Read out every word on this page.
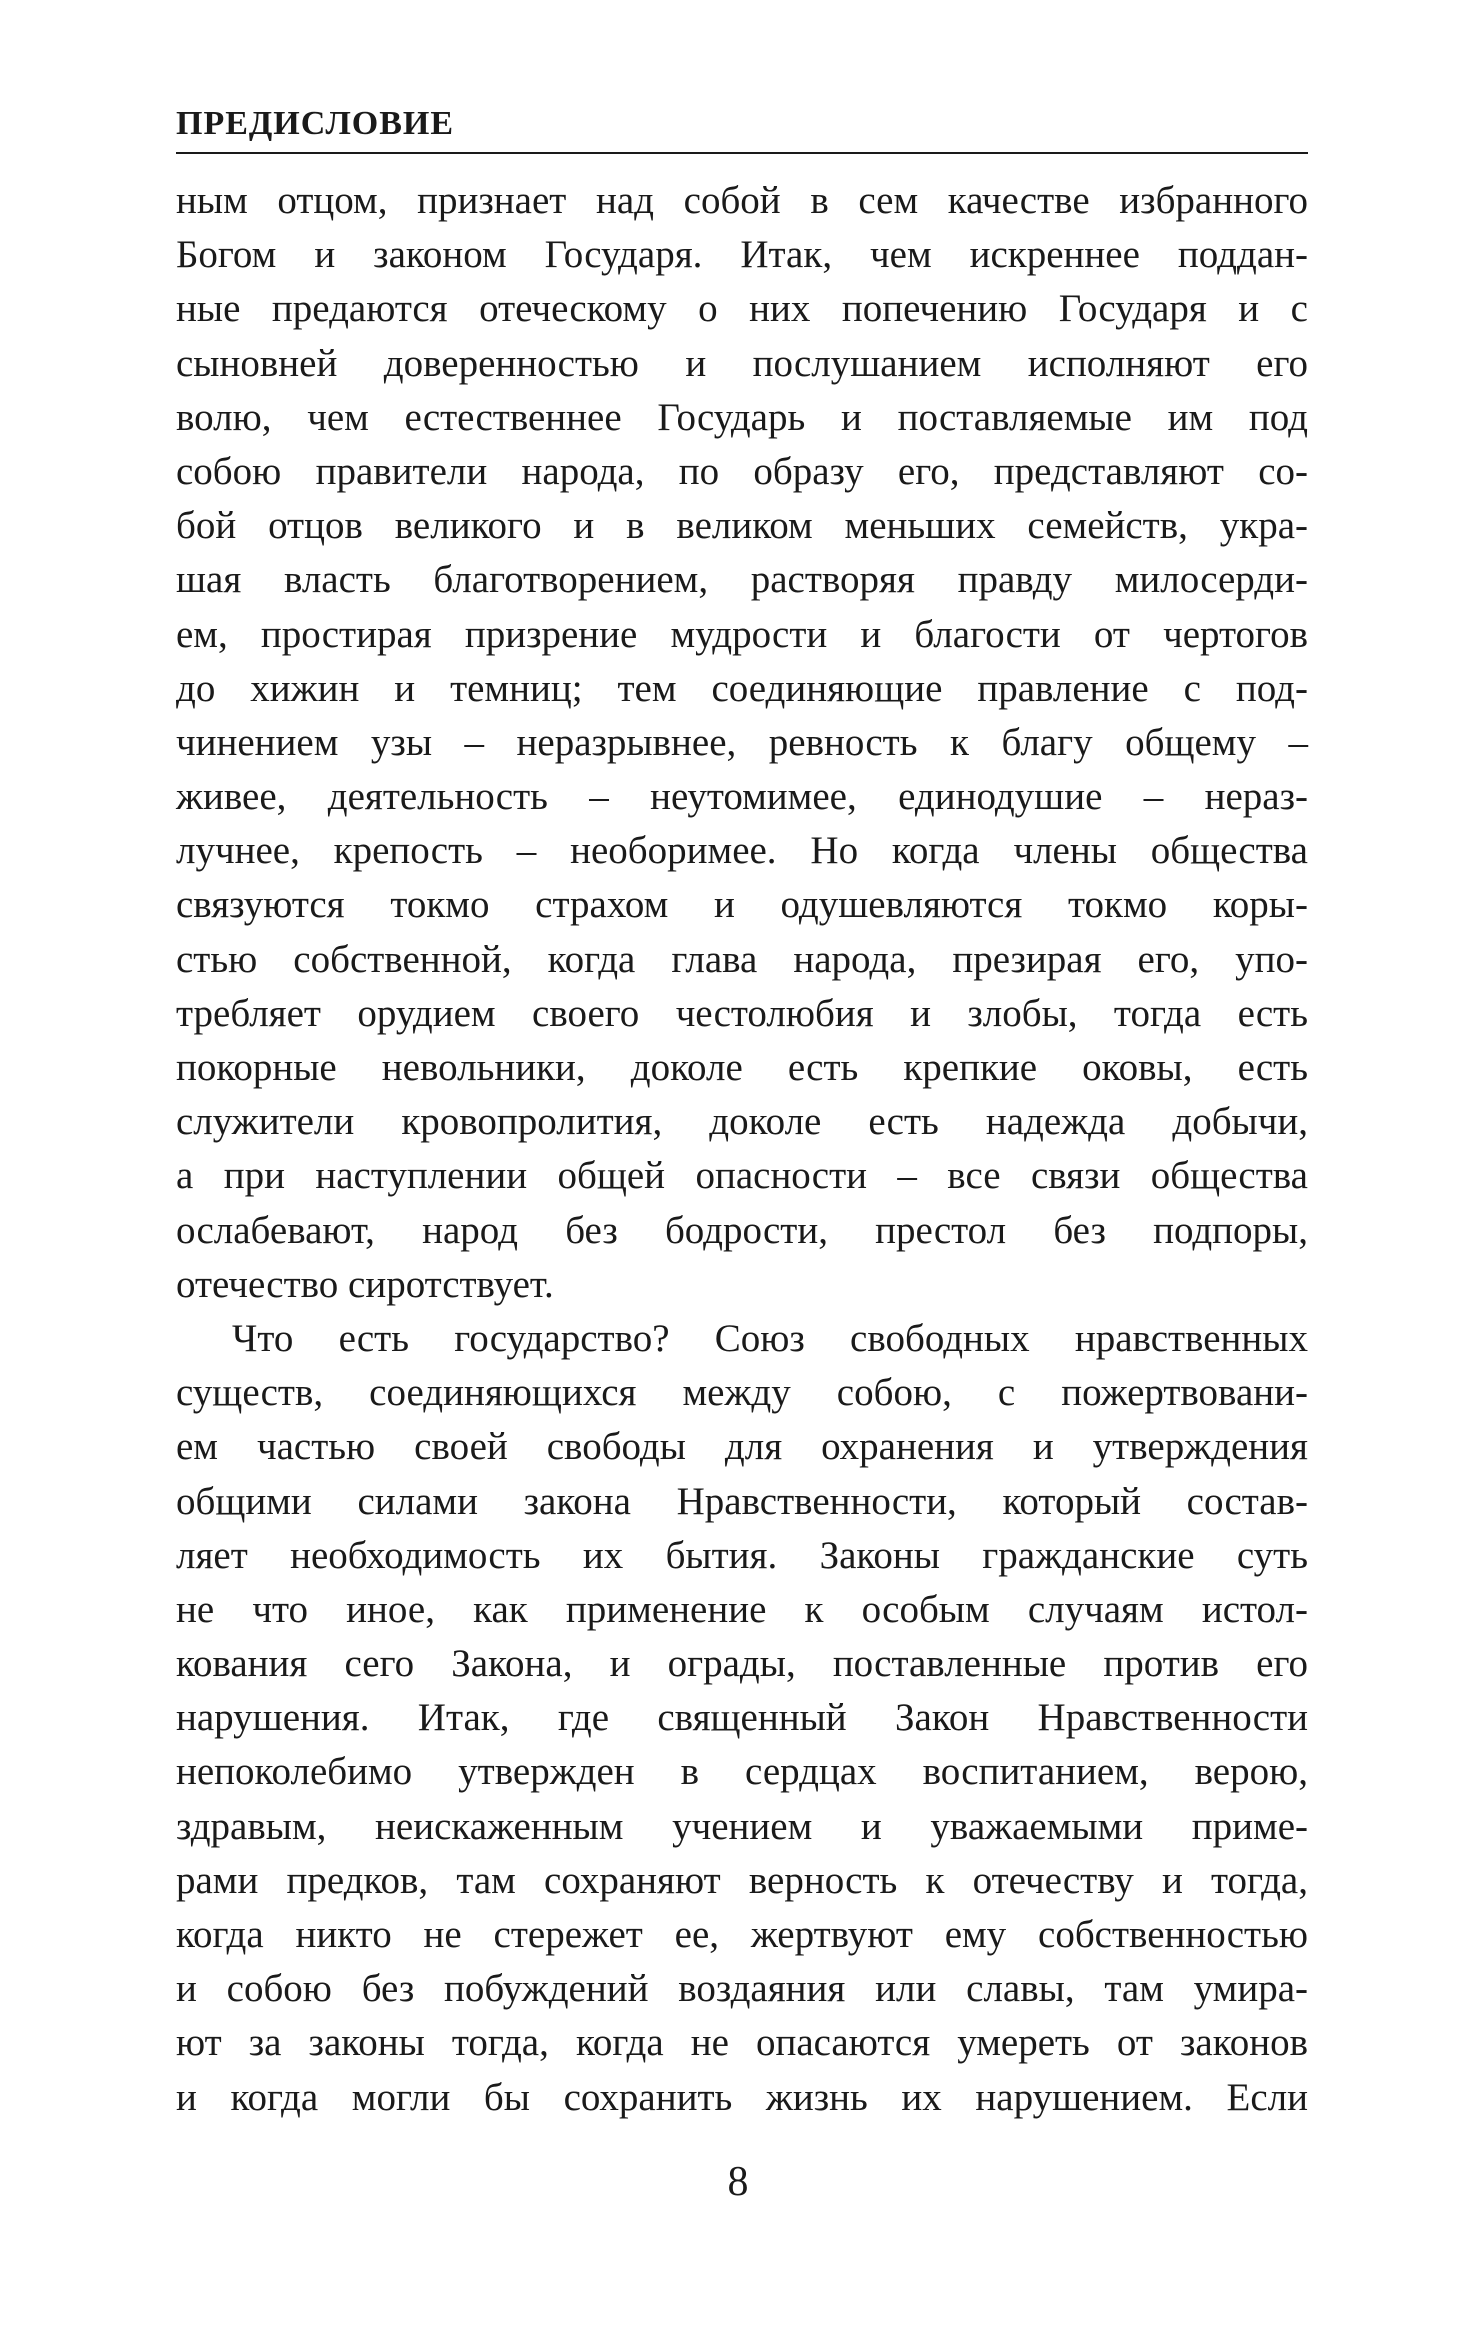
ПРЕДИСЛОВИЕ
ным отцом, признает над собой в сем качестве избранного
Богом и законом Государя. Итак, чем искреннее поддан-
ные предаются отеческому о них попечению Государя и с
сыновней доверенностью и послушанием исполняют его
волю, чем естественнее Государь и поставляемые им под
собою правители народа, по образу его, представляют со-
бой отцов великого и в великом меньших семейств, укра-
шая власть благотворением, растворяя правду милосерди-
ем, простирая призрение мудрости и благости от чертогов
до хижин и темниц; тем соединяющие правление с под-
чинением узы – неразрывнее, ревность к благу общему –
живее, деятельность – неутомимее, единодушие – нераз-
лучнее, крепость – необоримее. Но когда члены общества
связуются токмо страхом и одушевляются токмо коры-
стью собственной, когда глава народа, презирая его, упо-
требляет орудием своего честолюбия и злобы, тогда есть
покорные невольники, доколе есть крепкие оковы, есть
служители кровопролития, доколе есть надежда добычи,
а при наступлении общей опасности – все связи общества
ослабевают, народ без бодрости, престол без подпоры,
отечество сиротствует.
Что есть государство? Союз свободных нравственных
существ, соединяющихся между собою, с пожертвовани-
ем частью своей свободы для охранения и утверждения
общими силами закона Нравственности, который состав-
ляет необходимость их бытия. Законы гражданские суть
не что иное, как применение к особым случаям истол-
кования сего Закона, и ограды, поставленные против его
нарушения. Итак, где священный Закон Нравственности
непоколебимо утвержден в сердцах воспитанием, верою,
здравым, неискаженным учением и уважаемыми приме-
рами предков, там сохраняют верность к отечеству и тогда,
когда никто не стережет ее, жертвуют ему собственностью
и собою без побуждений воздаяния или славы, там умира-
ют за законы тогда, когда не опасаются умереть от законов
и когда могли бы сохранить жизнь их нарушением. Если
8
